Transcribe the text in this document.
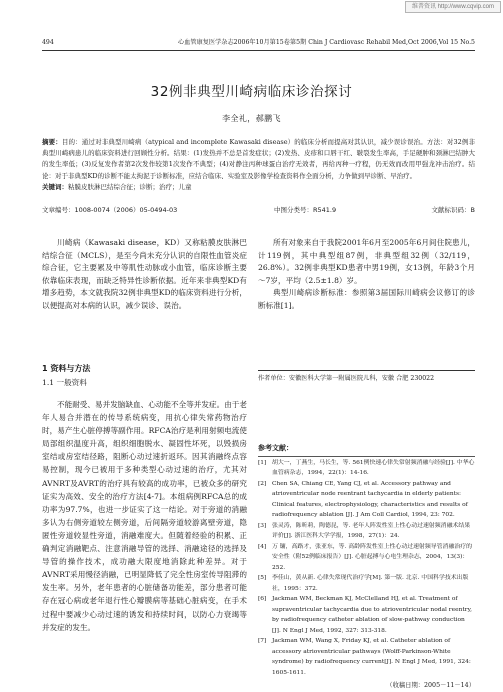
维普资讯 http://www.cqvip.com
494	心血管康复医学杂志2006年10月第15卷第5期 Chin J Cardiovasc Rehabil Med,Oct 2006,Vol 15 No.5
32例非典型川崎病临床诊治探讨
李全礼，郝鹏飞
摘要：目的：通过对非典型川崎病（atypical and incomplete Kawasaki disease）的临床分析而提高对其认识，减少误诊误治。方法：对32例非典型川崎病患儿的临床资料进行回顾性分析。结果：(1)发热并不总是首发症状；(2)发热、皮疹和口唇干红、皲裂发生率高，手足硬肿和颈淋巴结肿大的发生率低；(3)反复发作者第2次发作较第1次发作不典型；(4)对静注丙种球蛋白治疗无效者，再给丙种一疗程，仍无效而改用甲强龙冲击治疗。结论：对于非典型KD的诊断不能太拘泥于诊断标准，应结合临床、实验室及影像学检查资料作全面分析，力争做到早诊断、早治疗。
关键词：粘膜皮肤淋巴结综合征；诊断；治疗；儿童
文章编号：1008-0074（2006）05-0494-03	中图分类号：R541.9	文献标识码：B

川崎病（Kawasaki disease，KD）又称粘膜皮肤淋巴结综合征（MCLS），是至今尚未充分认识的自限性血管炎症综合征，它主要累及中等肌性动脉或小血管，临床诊断主要依靠临床表现，而缺乏特异性诊断依据。近年来非典型KD有增多趋势，本文就我院32例非典型KD的临床资料进行分析，以便提高对本病的认识，减少误诊、误治。

1 资料与方法
1.1 一般资料

所有对象来自于我院2001年6月至2005年6月间住院患儿，计119例，其中典型组87例，非典型组32例（32/119，26.8%）。32例非典型KD患者中男19例，女13例，年龄3个月～7岁，平均（2.5±1.8）岁。

典型川崎病诊断标准：参照第3届国际川崎病会议修订的诊断标准[1]。

作者单位：安徽医科大学第一附属医院儿科，安徽 合肥 230022

不能耐受、易并发脑缺血、心动能不全等并发症。由于老年人易合并潜在的传导系统病变，用抗心律失常药物治疗时，易产生心脏停搏等副作用。RFCA治疗是利用射频电流使局部组织温度升高，组织细胞脱水、凝固性坏死，以毁损房室结或房室结径路，阻断心动过速折返环。因其消融终点容易控制，现今已被用于多种类型心动过速的治疗，尤其对AVNRT及AVRT的治疗具有较高的成功率，已被众多的研究证实为高效、安全的治疗方法[4-7]。本组病例RFCA总的成功率为97.7%，也进一步证实了这一结论。对于旁道的消融多认为右侧旁道较左侧旁道，后间隔旁道较游离壁旁道，隐匿性旁道较显性旁道，消融难度大。但随着经验的积累、正确判定消融靶点、注意消融导管的选择、消融途径的选择及导管的操作技术，成功融大限度地消除此种差异。对于AVNRT采用慢径消融，已明显降低了完全性房室传导阻滞的发生率。另外，老年患者的心脏储备功能差，部分患者可能存在冠心病或老年退行性心瓣膜病等基础心脏病变，在手术过程中要减少心动过速的诱发和持续时间，以防心力衰竭等并发症的发生。

参考文献：
[1] 胡大一，丁燕生，马长生，等. 561例快速心律失常射频消融与经验[J]. 中华心血管病杂志，1994，22(1)：14-16.
[2] Chen SA, Chiang CE, Yang CJ, et al. Accessory pathway and atrioventricular node reentrant tachycardia in elderly patients: Clinical features, electrophysiology, characteristics and results of radiofrequency ablation [J]. J Am Coll Cardiol, 1994, 23: 702.
[3] 张灵涛，陈昕莉，陶德昆，等. 老年人阵发性室上性心动过速射频消融术结果评价[J]. 浙江医科大学学报，1998，27(1)：24.
[4] 万 镛，高路才，张亚东，等. 高龄阵发性室上性心动过速射频导管消融治疗的安全性（附52例临床报告）[J]. 心脏起搏与心电生理杂志，2004，13(3)：252.
[5] 李佳山，黄从新. 心律失常现代治疗学[M]. 第一版. 北京. 中国科学技术出版社，1995：372.
[6] Jackman WM, Beckman KJ, McClelland HJ, et al. Treatment of supraventricular tachycardia due to atrioventricular nodal reentry, by radiofrequency catheter ablation of slow-pathway conduction [J]. N Engl J Med, 1992, 327: 313-318.
[7] Jackman WM, Wang X, Friday KJ, et al. Catheter ablation of accessory atrioventricular pathways (Wolff-Parkinson-White syndrome) by radiofrequency current[J]. N Engl J Med, 1991, 324: 1605-1611.
（收稿日期：2005－11－14）
